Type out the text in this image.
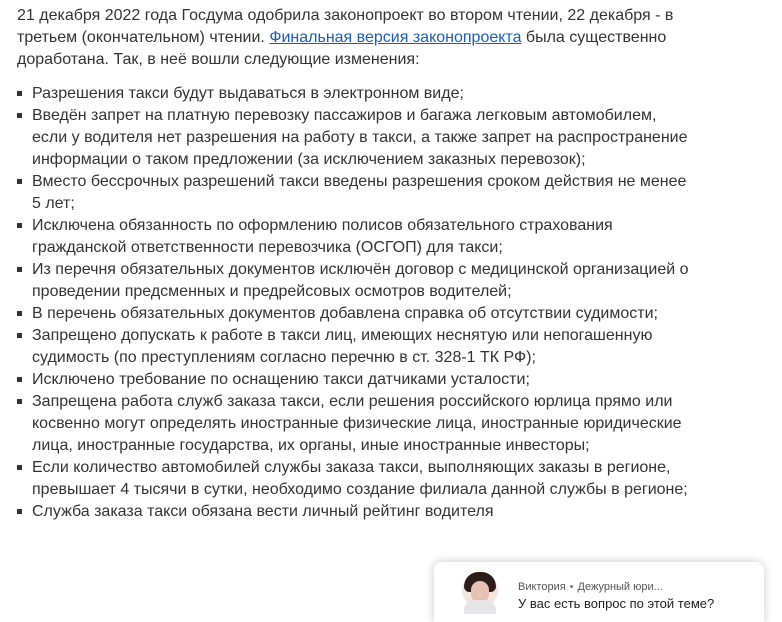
21 декабря 2022 года Госдума одобрила законопроект во втором чтении, 22 декабря - в третьем (окончательном) чтении. Финальная версия законопроекта была существенно доработана. Так, в неё вошли следующие изменения:

Разрешения такси будут выдаваться в электронном виде;
Введён запрет на платную перевозку пассажиров и багажа легковым автомобилем, если у водителя нет разрешения на работу в такси, а также запрет на распространение информации о таком предложении (за исключением заказных перевозок);
Вместо бессрочных разрешений такси введены разрешения сроком действия не менее 5 лет;
Исключена обязанность по оформлению полисов обязательного страхования гражданской ответственности перевозчика (ОСГОП) для такси;
Из перечня обязательных документов исключён договор с медицинской организацией о проведении предсменных и предрейсовых осмотров водителей;
В перечень обязательных документов добавлена справка об отсутствии судимости;
Запрещено допускать к работе в такси лиц, имеющих неснятую или непогашенную судимость (по преступлениям согласно перечню в ст. 328-1 ТК РФ);
Исключено требование по оснащению такси датчиками усталости;
Запрещена работа служб заказа такси, если решения российского юрлица прямо или косвенно могут определять иностранные физические лица, иностранные юридические лица, иностранные государства, их органы, иные иностранные инвесторы;
Если количество автомобилей службы заказа такси, выполняющих заказы в регионе, превышает 4 тысячи в сутки, необходимо создание филиала данной службы в регионе;
Служба заказа такси обязана вести личный рейтинг водителя
Виктория • Дежурный юри...
У вас есть вопрос по этой теме?
